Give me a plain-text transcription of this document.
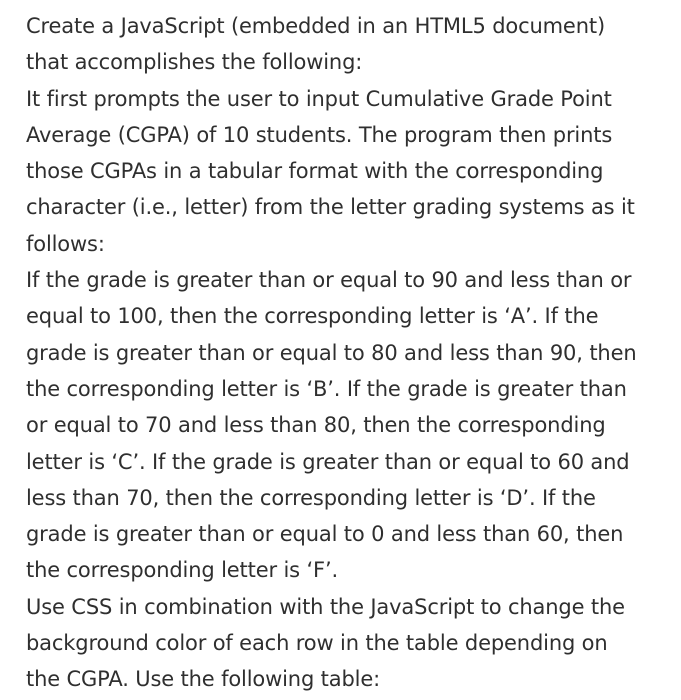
Create a JavaScript (embedded in an HTML5 document)
that accomplishes the following:

It first prompts the user to input Cumulative Grade Point
Average (CGPA) of 10 students. The program then prints
those CGPAs in a tabular format with the corresponding
character (i.e., letter) from the letter grading systems as it
follows:

If the grade is greater than or equal to 90 and less than or
equal to 100, then the corresponding letter is ‘A’. If the
grade is greater than or equal to 80 and less than 90, then
the corresponding letter is ‘B’. If the grade is greater than
or equal to 70 and less than 80, then the corresponding
letter is ‘C’. If the grade is greater than or equal to 60 and
less than 70, then the corresponding letter is ‘D’. If the
grade is greater than or equal to 0 and less than 60, then
the corresponding letter is ‘F’.

Use CSS in combination with the JavaScript to change the
background color of each row in the table depending on
the CGPA. Use the following table:
